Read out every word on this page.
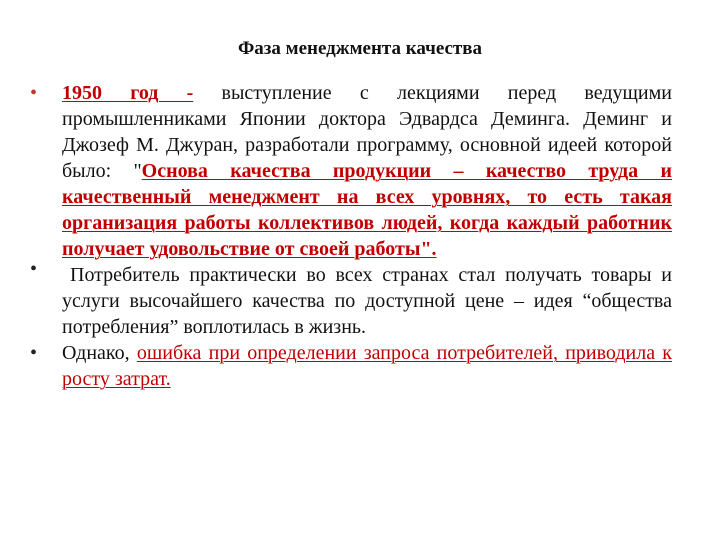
Фаза менеджмента качества
• 1950 год - выступление с лекциями перед ведущими промышленниками Японии доктора Эдвардса Деминга. Деминг и Джозеф М. Джуран, разработали программу, основной идеей которой было: "Основа качества продукции – качество труда и качественный менеджмент на всех уровнях, то есть такая организация работы коллективов людей, когда каждый работник получает удовольствие от своей работы".
• Потребитель практически во всех странах стал получать товары и услуги высочайшего качества по доступной цене – идея “общества потребления” воплотилась в жизнь.
• Однако, ошибка при определении запроса потребителей, приводила к росту затрат.
